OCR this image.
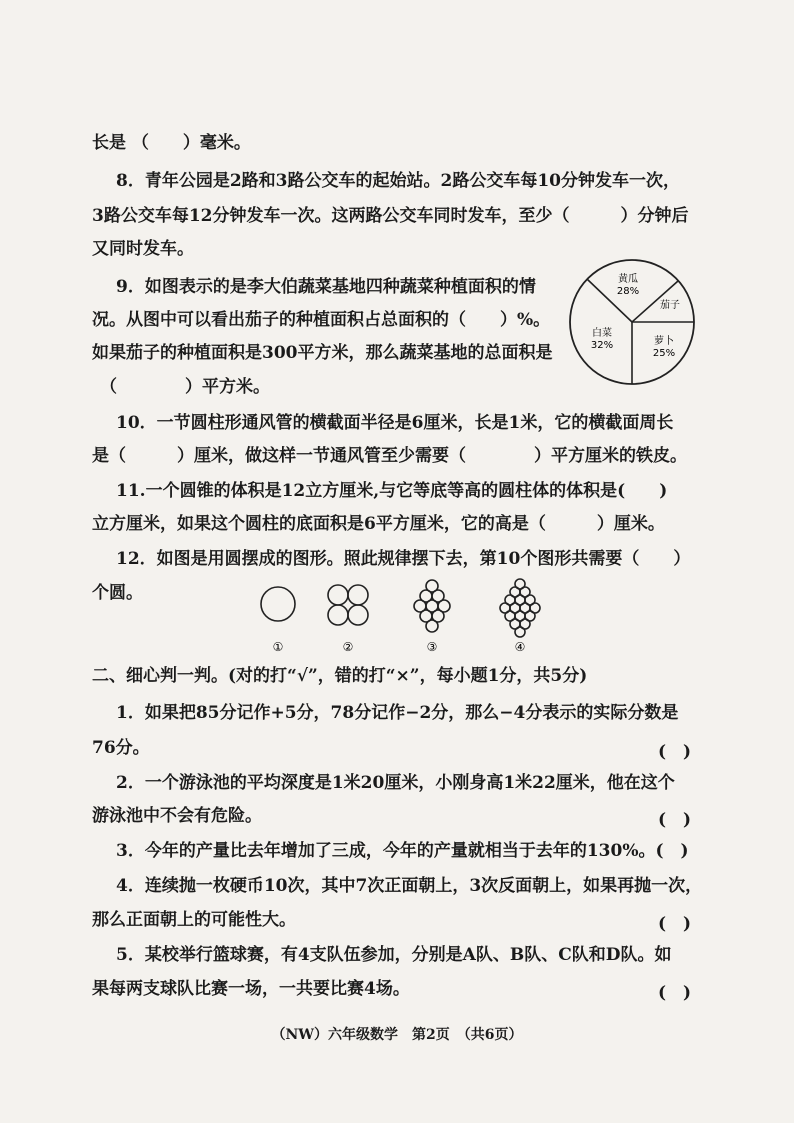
长是 （　　）毫米。
8．青年公园是2路和3路公交车的起始站。2路公交车每10分钟发车一次，
3路公交车每12分钟发车一次。这两路公交车同时发车，至少（　　　）分钟后
又同时发车。
9．如图表示的是李大伯蔬菜基地四种蔬菜种植面积的情
况。从图中可以看出茄子的种植面积占总面积的（　　）%。
如果茄子的种植面积是300平方米，那么蔬菜基地的总面积是
（　　　　）平方米。
黄瓜
28%
茄子
萝卜
25%
白菜
32%
10．一节圆柱形通风管的横截面半径是6厘米，长是1米，它的横截面周长
是（　　　）厘米，做这样一节通风管至少需要（　　　　）平方厘米的铁皮。
11.一个圆锥的体积是12立方厘米,与它等底等高的圆柱体的体积是(　　)
立方厘米，如果这个圆柱的底面积是6平方厘米，它的高是（　　　）厘米。
12．如图是用圆摆成的图形。照此规律摆下去，第10个图形共需要（　　）
个圆。
①	②	③	④
二、细心判一判。(对的打“√”，错的打“×”，每小题1分，共5分)
1．如果把85分记作+5分，78分记作−2分，那么−4分表示的实际分数是
76分。	(　)
2．一个游泳池的平均深度是1米20厘米，小刚身高1米22厘米，他在这个
游泳池中不会有危险。	(　)
3．今年的产量比去年增加了三成，今年的产量就相当于去年的130%。(　)
4．连续抛一枚硬币10次，其中7次正面朝上，3次反面朝上，如果再抛一次，
那么正面朝上的可能性大。	(　)
5．某校举行篮球赛，有4支队伍参加，分别是A队、B队、C队和D队。如
果每两支球队比赛一场，一共要比赛4场。	(　)
（NW）六年级数学　第2页　（共6页）
